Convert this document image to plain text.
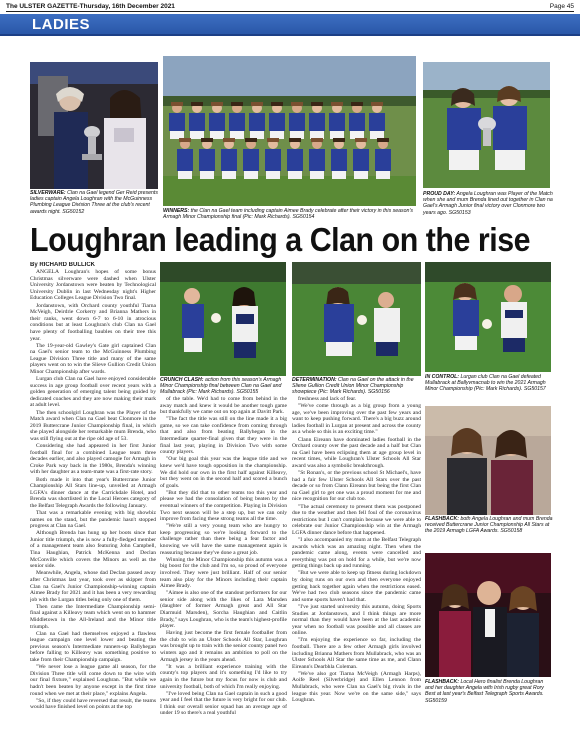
The ULSTER GAZETTE-Thursday, 16th December 2021	Page 45
LADIES
SILVERWARE: Clan na Gael legend Ger Reid presents ladies captain Angela Loughran with the McGuinness Plumbing League Division Three at the club's recent awards night. SG50152	WINNERS: the Clan na Gael team including captain Aimee Brady celebrate after their victory in this season's Armagh Minor Championship final (Pic: Mark Richards). SG50154
PROUD DAY: Angela Loughran was Player of the Match when she and mum Brenda lined out together in Clan na Gael's Armagh Junior final victory over Clonmore two years ago. SG50153
Loughran leading a Clan on the rise

By RICHARD BULLICK

ANGELA Loughran's hopes of some bonus Christmas silverware were dashed when Ulster University Jordanstown were beaten by Technological University Dublin in last Wednesday night's Higher Education Colleges League Division Two final.

Jordanstown, with Orchard county youthful Tiarna McVeigh, Deirdrie Corkerry and Brianna Mathers in their ranks, went down 6-7 to 6-10 in atrocious conditions but at least Loughran's club Clan na Gael have plenty of footballing baubles on their tree this year.

The 19-year-old Gawley's Gate girl captained Clan na Gael's senior team to the McGuinness Plumbing League Division Three title and many of the same players went on to win the Slieve Gullion Credit Union Minor Championship after wards.

Lurgan club Clan na Gael have enjoyed considerable success in age group football over recent years with a golden generation of emerging talent being guided by dedicated coaches and they are now making their mark at adult level.

The then schoolgirl Loughran was the Player of the Match award when Clan na Gael beat Clonmore in the 2019 Buttercrane Junior Championship final, in which she played alongside her remarkable mum Brenda, who was still flying out at the ripe old age of 53.

Considering she had appeared in her first Junior football final for a combined League team three decades earlier, and also played camogie for Armagh in Croke Park way back in the 1980s, Brenda's winning with her daughter as a team-mate was a first-rate story.

Both made it into that year's Buttercrane Junior Championship All Stars line-up, unveiled at Armagh LGFA's dinner dance at the Carrickdale Hotel, and Brenda was shortlisted in the Local Heroes category of the Belfast Telegraph Awards the following January.

That was a remarkable evening with big showbiz names on the stand, but the pandemic hasn't stopped progress at Clan na Gael.

Although Brenda has hung up her boots since that Junior title triumph, she is now a fully-fledged member of a management team also featuring John Campbell, Tina Haughian, Patrick McKenna and Declan McConville which covers the Minors as well as the senior side.

Meanwhile, Angela, whose dad Declan passed away after Christmas last year, took over as skipper from Clan na Gael's Junior Championship-winning captain Aimee Brady for 2021 and it has been a very rewarding job with the Lurgan titles being only one of them.

Then came the Intermediate Championship semi-final against a Killeavy team which went on to hammer Middletown in the All-Ireland and the Minor title triumph.

Clan na Gael had themselves enjoyed a flawless league campaign one level lower and beating the previous season's Intermediate runners-up Ballyhegan before falling to Killeavy was something positive to take from their Championship campaign.

"We never lose a league game all season, for the Division Three title will come down to the wire with our final fixture," explained Loughran. "But while we hadn't been beaten by anyone except in the first time round when we met at their place," explains Angela.

"So, if they could have reversed that result, the teams would have finished level on points at the top

CRUNCH CLASH: action from this season's Armagh Minor Championship final between Clan na Gael and Mullabrack (Pic: Mark Richards). SG50155
DETERMINATION: Clan na Gael on the attack in the Sliene Gullion Credit Union Minor Championship showpiece (Pic: Mark Richards). SG50156
IN CONTROL: Lurgan club Clan na Gael defeated Mullabrack at Ballyvmacnab to win the 2021 Armagh Minor Championship (Pic: Mark Richards). SG50157

of the table. We'd had to come from behind in the away match and knew it would be another tough game but thankfully we came out on top again at Davitt Park.

"The fact the title was still on the line made it a big game, so we can take confidence from coming through that and also from beating Ballyhegan in the Intermediate quarter-final given that they were in the final last year, playing in Division Two with some county players.

"Our big goal this year was the league title and we knew we'd have tough opposition in the championship. We did hold our own in the first half against Killeavy, but they went on in the second half and scored a bunch of goals.

"But they did that to other teams too this year and please we had the consolation of being beaten by the eventual winners of the competition. Playing in Division Two next season will be a step up, but we can only improve from facing these strong teams all the time.

"We're still a very young team who are hungry to keep progressing so we're looking forward to the challenge rather than there being a fear factor and knowing we will have the same management again is reassuring because they've done a great job.

Winning the Minor Championship this autumn was a big boost for the club and I'm so, so proud of everyone involved. They were just brilliant. Half of our senior team also play for the Minors including their captain Aimee Brady.

"Aimee is also one of the standout performers for our senior side along with the likes of Lara Marsden (daughter of former Armagh great and All Star Diarmuid Marsden), Sorcha Haughian and Caitlin Brady," says Loughran, who is the team's highest-profile player.

Having just become the first female footballer from the club to win an Ulster Schools All Star, Loughran was brought up to train with the senior county panel two winters ago and it remains an ambition to poll on the Armagh jersey in the years ahead.

"It was a brilliant experience training with the county's top players and it's something I'd like to try again in the future but my focus for now is club and university football, both of which I'm really enjoying.

"I've loved being Clan na Gael captain in such a good year and I feel that the future is very bright for our club. I think our overall senior squad has an average age of under 19 so there's a real youthful

freshness and lack of fear.

"We've come through as a big group from a young age, we've been improving over the past few years and want to keep pushing forward. There's a big buzz around ladies football in Lurgan at present and across the county as a whole so this is an exciting time."

Clann Eireann have dominated ladies football in the Orchard county over the past decade and a half but Clan na Gael have been eclipsing them at age group level in recent times, while Loughran's Ulster Schools All Star award was also a symbolic breakthrough.

"St Ronan's, or the previous school St Michael's, have had a fair few Ulster Schools All Stars over the past decade or so from Clann Eireann but being the first Clan na Gael girl to get one was a proud moment for me and nice recognition for our club too.

"The actual ceremony to present them was postponed due to the weather and then fell foul of the coronavirus restrictions but I can't complain because we were able to celebrate our Junior Championship win at the Armagh LGFA dinner dance before that happened.

"I also accompanied my mum at the Belfast Telegraph awards which was an amazing night. Then when the pandemic came along, events were cancelled and everything was put on hold for a while, but we're now getting things back up and running.

"But we were able to keep up fitness during lockdown by doing runs on our own and then everyone enjoyed getting back together again when the restrictions eased. We've had two club seasons since the pandemic came and some sports haven't had that.

"I've just started university this autumn, doing Sports Studies at Jordanstown, and I think things are more normal than they would have been at the last academic year when no football was possible and all classes are online.

"I'm enjoying the experience so far, including the football. There are a few other Armagh girls involved including Brianna Mathers from Mullabrack, who was an Ulster Schools All Star the same time as me, and Clann Eireann's Dearbhla Coleman.

"We've also got Tiarna McVeigh (Armagh Harps), Aoife Reel (Silverbridge) and Ellen Lennon from Mullabrack, who were Clan na Gael's big rivals in the league this year. Now we're on the same side," says Loughran.

FLASHBACK: both Angela Loughran and mum Brenda received Buttercrane Junior Championship All Stars at the 2019 Armagh LGFA Awards. SG50158
FLASHBACK: Local Hero finalist Brenda Loughran and her daughter Angela with Irish rugby great Rory Best at last year's Belfast Telegraph Sports Awards. SG50159
